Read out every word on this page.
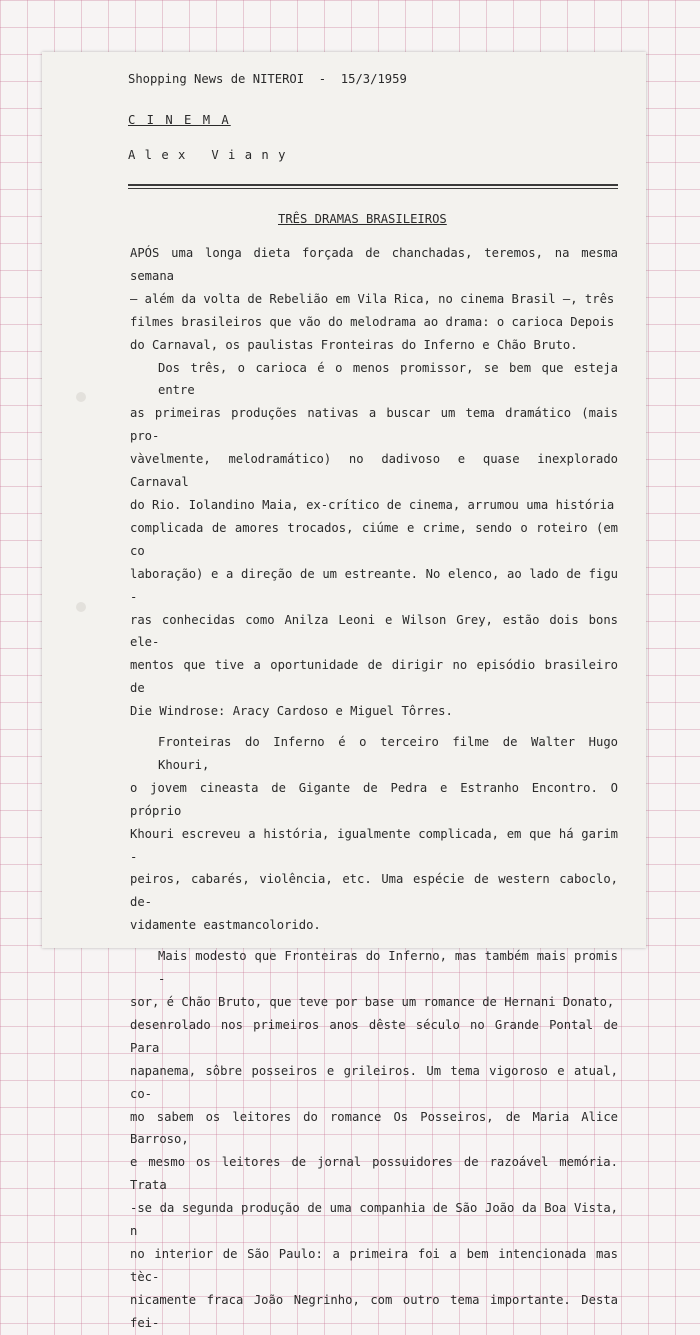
Shopping News de NITEROI  -  15/3/1959
C I N E M A
A l e x   V i a n y
TRÊS DRAMAS BRASILEIROS

APÓS uma longa dieta forçada de chanchadas, teremos, na mesma semana

— além da volta de Rebelião em Vila Rica, no cinema Brasil —, três

filmes brasileiros que vão do melodrama ao drama: o carioca Depois

do Carnaval, os paulistas Fronteiras do Inferno e Chão Bruto.

Dos três, o carioca é o menos promissor, se bem que esteja entre

as primeiras produções nativas a buscar um tema dramático (mais pro-

vàvelmente, melodramático) no dadivoso e quase inexplorado Carnaval

do Rio. Iolandino Maia, ex-crítico de cinema, arrumou uma história

complicada de amores trocados, ciúme e crime, sendo o roteiro (em co

laboração) e a direção de um estreante. No elenco, ao lado de figu -

ras conhecidas como Anilza Leoni e Wilson Grey, estão dois bons ele-

mentos que tive a oportunidade de dirigir no episódio brasileiro de

Die Windrose: Aracy Cardoso e Miguel Tôrres.

Fronteiras do Inferno é o terceiro filme de Walter Hugo Khouri,

o jovem cineasta de Gigante de Pedra e Estranho Encontro. O próprio

Khouri escreveu a história, igualmente complicada, em que há garim -

peiros, cabarés, violência, etc. Uma espécie de western caboclo, de-

vidamente eastmancolorido.

Mais modesto que Fronteiras do Inferno, mas também mais promis -

sor, é Chão Bruto, que teve por base um romance de Hernani Donato,

desenrolado nos primeiros anos dêste século no Grande Pontal de Para

napanema, sôbre posseiros e grileiros. Um tema vigoroso e atual, co-

mo sabem os leitores do romance Os Posseiros, de Maria Alice Barroso,

e mesmo os leitores de jornal possuidores de razoável memória. Trata

-se da segunda produção de uma companhia de São João da Boa Vista, n

no interior de São Paulo: a primeira foi a bem intencionada mas tèc-

nicamente fraca João Negrinho, com outro tema importante. Desta fei-
